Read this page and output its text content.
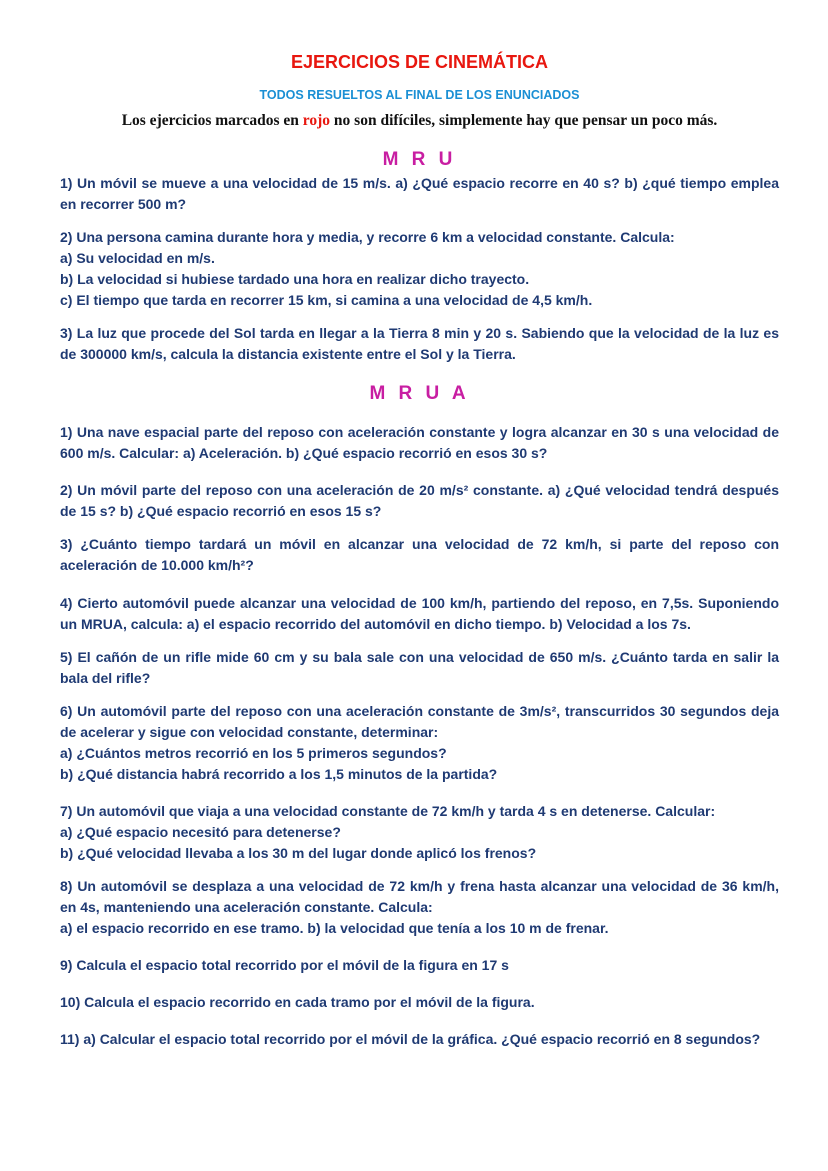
EJERCICIOS DE CINEMÁTICA
TODOS RESUELTOS AL FINAL DE LOS ENUNCIADOS
Los ejercicios marcados en rojo no son difíciles, simplemente hay que pensar un poco más.
M R U

1) Un móvil se mueve a una velocidad de 15 m/s. a) ¿Qué espacio recorre en 40 s? b) ¿qué tiempo emplea en recorrer 500 m?

2) Una persona camina durante hora y media, y recorre 6 km a velocidad constante. Calcula:

a) Su velocidad en m/s.

b) La velocidad si hubiese tardado una hora en realizar dicho trayecto.

c) El tiempo que tarda en recorrer 15 km, si camina a una velocidad de 4,5 km/h.

3) La luz que procede del Sol tarda en llegar a la Tierra 8 min y 20 s. Sabiendo que la velocidad de la luz es de 300000 km/s, calcula la distancia existente entre el Sol y la Tierra.

M R U A

1) Una nave espacial parte del reposo con aceleración constante y logra alcanzar en 30 s una velocidad de 600 m/s. Calcular: a) Aceleración. b) ¿Qué espacio recorrió en esos 30 s?

2) Un móvil parte del reposo con una aceleración de 20 m/s² constante. a) ¿Qué velocidad tendrá después de 15 s? b) ¿Qué espacio recorrió en esos 15 s?

3) ¿Cuánto tiempo tardará un móvil en alcanzar una velocidad de 72 km/h, si parte del reposo con aceleración de 10.000 km/h²?

4) Cierto automóvil puede alcanzar una velocidad de 100 km/h, partiendo del reposo, en 7,5s. Suponiendo un MRUA, calcula: a) el espacio recorrido del automóvil en dicho tiempo. b) Velocidad a los 7s.

5) El cañón de un rifle mide 60 cm y su bala sale con una velocidad de 650 m/s. ¿Cuánto tarda en salir la bala del rifle?

6) Un automóvil parte del reposo con una aceleración constante de 3m/s², transcurridos 30 segundos deja de acelerar y sigue con velocidad constante, determinar:

a) ¿Cuántos metros recorrió en los 5 primeros segundos?

b) ¿Qué distancia habrá recorrido a los 1,5 minutos de la partida?

7) Un automóvil que viaja a una velocidad constante de 72 km/h y tarda 4 s en detenerse. Calcular:

a) ¿Qué espacio necesitó para detenerse?

b) ¿Qué velocidad llevaba a los 30 m del lugar donde aplicó los frenos?

8) Un automóvil se desplaza a una velocidad de 72 km/h y frena hasta alcanzar una velocidad de 36 km/h, en 4s, manteniendo una aceleración constante. Calcula:

a) el espacio recorrido en ese tramo. b) la velocidad que tenía a los 10 m de frenar.

9) Calcula el espacio total recorrido por el móvil de la figura en 17 s

10) Calcula el espacio recorrido en cada tramo por el móvil de la figura.

11) a) Calcular el espacio total recorrido por el móvil de la gráfica. ¿Qué espacio recorrió en 8 segundos?
